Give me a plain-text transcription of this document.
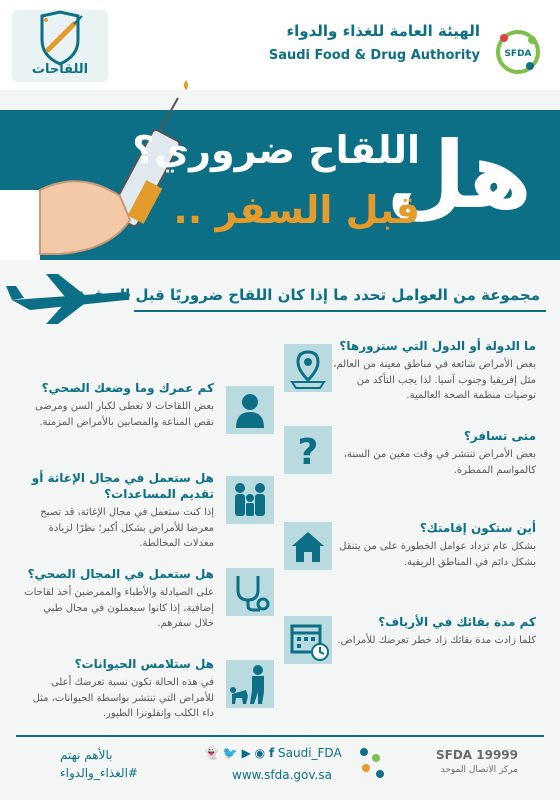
اللقاحات
الهيئة العامة للغذاء والدواء
Saudi Food & Drug Authority	SFDA
هل
اللقاح ضروري؟
قبل السفر ..
مجموعة من العوامل تحدد ما إذا كان اللقاح ضروريًا قبل السفر:
ما الدولة أو الدول التي ستزورها؟
بعض الأمراض شائعة في مناطق معينة من العالم، مثل إفريقيا وجنوب آسيا. لذا يجب التأكد من توصيات منظمة الصحة العالمية.
متى تسافر؟
بعض الأمراض تنتشر في وقت معين من السنة، كالمواسم الممطرة.
?
أين ستكون إقامتك؟
بشكل عام تزداد عوامل الخطورة على من يتنقل بشكل دائم في المناطق الريفية.
كم مدة بقائك في الأرياف؟
كلما زادت مدة بقائك زاد خطر تعرضك للأمراض.
كم عمرك وما وضعك الصحي؟
بعض اللقاحات لا تعطى لكبار السن ومرضى نقص المناعة والمصابين بالأمراض المزمنة.
هل ستعمل في مجال الإغاثة أو تقديم المساعدات؟
إذا كنت ستعمل في مجال الإغاثة، قد تصبح معرضا للأمراض بشكل أكبر؛ نظرًا لزيادة معدلات المخالطة.
هل ستعمل في المجال الصحي؟
على الصيادلة والأطباء والممرضين أخذ لقاحات إضافية، إذا كانوا سيعملون في مجال طبي خلال سفرهم.
هل ستلامس الحيوانات؟
في هذه الحالة تكون نسبة تعرضك أعلى للأمراض التي تنتشر بواسطة الحيوانات، مثل داء الكلب وإنفلونزا الطيور.
بالأهم نهتم
#الغذاء_والدواء
👻 🐦 ▶ ◉ f Saudi_FDA
www.sfda.gov.sa
SFDA 19999
مركز الاتصال الموحد
